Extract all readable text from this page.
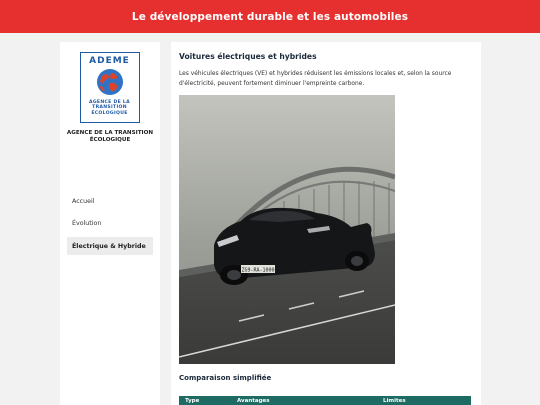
Le développement durable et les automobiles
ADEME
AGENCE DE LA
TRANSITION
ÉCOLOGIQUE
AGENCE DE LA TRANSITION
ÉCOLOGIQUE
Accueil
Évolution
Électrique & Hybride
Voitures électriques et hybrides

Les véhicules électriques (VE) et hybrides réduisent les émissions locales et, selon la source d'électricité, peuvent fortement diminuer l'empreinte carbone.

ZG9-RA-1000
Comparaison simplifiée
Type	Avantages	Limites
